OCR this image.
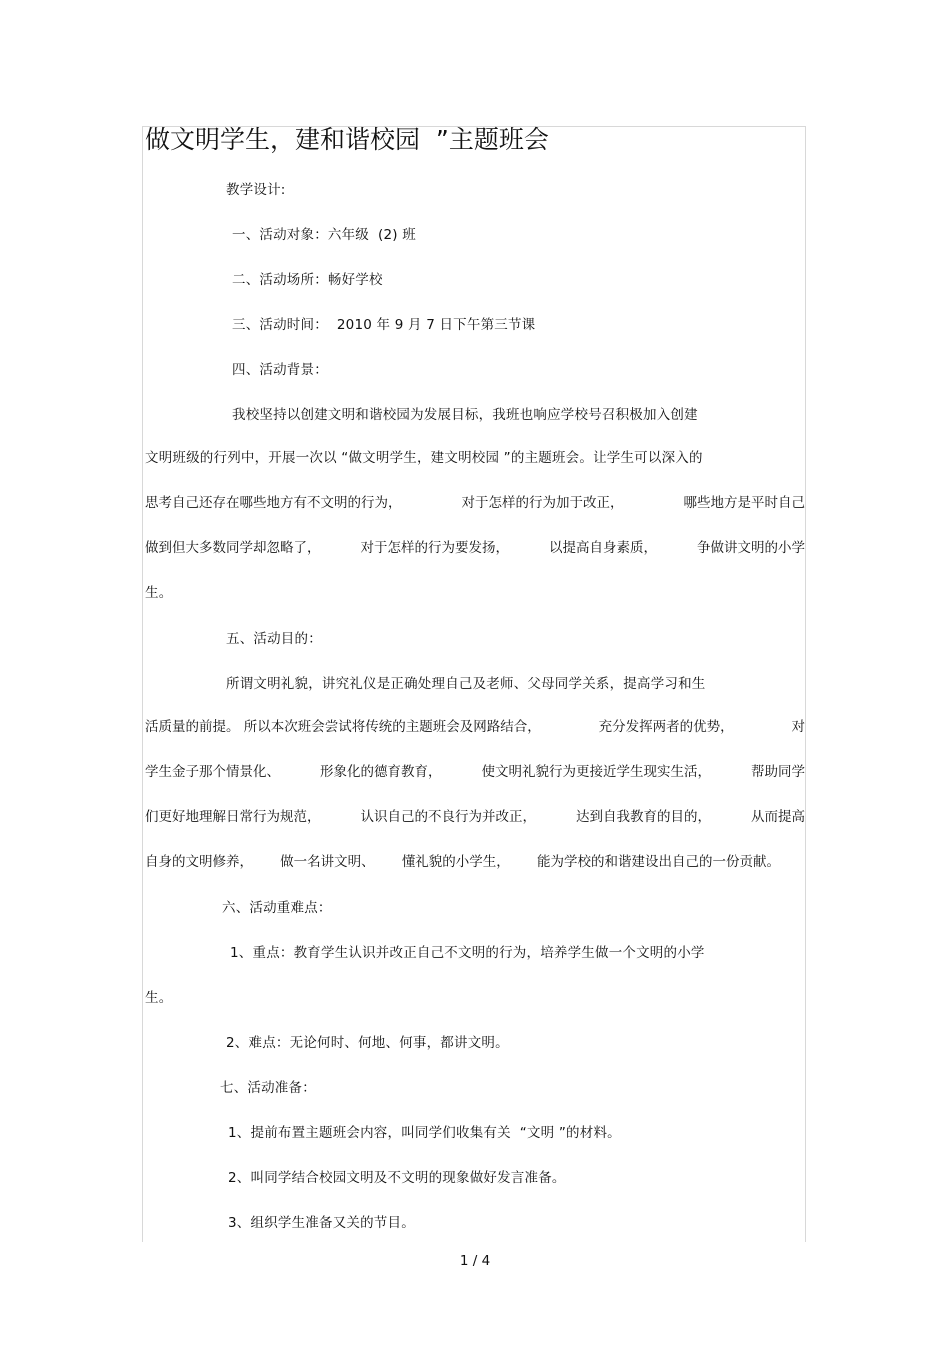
做文明学生，建和谐校园  ”主题班会
教学设计:
一、活动对象：六年级  (2) 班
二、活动场所：畅好学校
三、活动时间：  2010 年 9 月 7 日下午第三节课
四、活动背景：
我校坚持以创建文明和谐校园为发展目标，我班也响应学校号召积极加入创建
文明班级的行列中，开展一次以 “做文明学生，建文明校园 ”的主题班会。让学生可以深入的
思考自己还存在哪些地方有不文明的行为，	对于怎样的行为加于改正，	哪些地方是平时自己
做到但大多数同学却忽略了，	对于怎样的行为要发扬，	以提高自身素质，	争做讲文明的小学
生。
五、活动目的：
所谓文明礼貌，讲究礼仪是正确处理自己及老师、父母同学关系，提高学习和生
活质量的前提。 所以本次班会尝试将传统的主题班会及网路结合，	充分发挥两者的优势，	对
学生金子那个情景化、	形象化的德育教育，	使文明礼貌行为更接近学生现实生活，	帮助同学
们更好地理解日常行为规范，	认识自己的不良行为并改正，	达到自我教育的目的，	从而提高
自身的文明修养， 做一名讲文明、 懂礼貌的小学生， 能为学校的和谐建设出自己的一份贡献。
六、活动重难点：
1、重点：教育学生认识并改正自己不文明的行为，培养学生做一个文明的小学
生。
2、难点：无论何时、何地、何事，都讲文明。
七、活动准备：
1、提前布置主题班会内容，叫同学们收集有关  “文明 ”的材料。
2、叫同学结合校园文明及不文明的现象做好发言准备。
3、组织学生准备又关的节目。
1 / 4
